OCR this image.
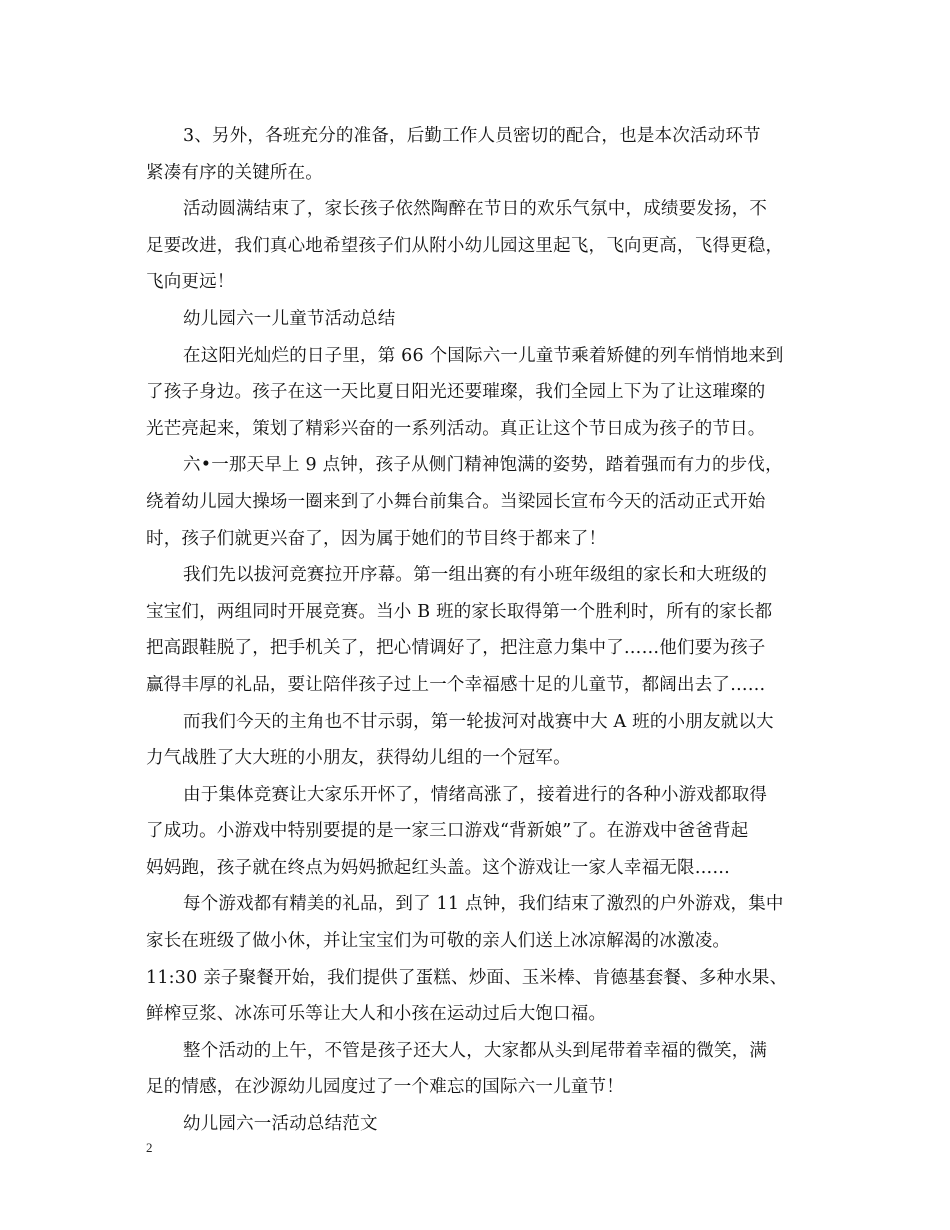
3、另外，各班充分的准备，后勤工作人员密切的配合，也是本次活动环节
紧凑有序的关键所在。

活动圆满结束了，家长孩子依然陶醉在节日的欢乐气氛中，成绩要发扬，不
足要改进，我们真心地希望孩子们从附小幼儿园这里起飞，飞向更高，飞得更稳，
飞向更远！

幼儿园六一儿童节活动总结

在这阳光灿烂的日子里，第 66 个国际六一儿童节乘着矫健的列车悄悄地来到
了孩子身边。孩子在这一天比夏日阳光还要璀璨，我们全园上下为了让这璀璨的
光芒亮起来，策划了精彩兴奋的一系列活动。真正让这个节日成为孩子的节日。

六•一那天早上 9 点钟，孩子从侧门精神饱满的姿势，踏着强而有力的步伐，
绕着幼儿园大操场一圈来到了小舞台前集合。当梁园长宣布今天的活动正式开始
时，孩子们就更兴奋了，因为属于她们的节目终于都来了！

我们先以拔河竞赛拉开序幕。第一组出赛的有小班年级组的家长和大班级的
宝宝们，两组同时开展竞赛。当小 B 班的家长取得第一个胜利时，所有的家长都
把高跟鞋脱了，把手机关了，把心情调好了，把注意力集中了……他们要为孩子
赢得丰厚的礼品，要让陪伴孩子过上一个幸福感十足的儿童节，都阔出去了……

而我们今天的主角也不甘示弱，第一轮拔河对战赛中大 A 班的小朋友就以大
力气战胜了大大班的小朋友，获得幼儿组的一个冠军。

由于集体竞赛让大家乐开怀了，情绪高涨了，接着进行的各种小游戏都取得
了成功。小游戏中特别要提的是一家三口游戏“背新娘”了。在游戏中爸爸背起
妈妈跑，孩子就在终点为妈妈掀起红头盖。这个游戏让一家人幸福无限……

每个游戏都有精美的礼品，到了 11 点钟，我们结束了激烈的户外游戏，集中
家长在班级了做小休，并让宝宝们为可敬的亲人们送上冰凉解渴的冰激凌。

11:30 亲子聚餐开始，我们提供了蛋糕、炒面、玉米棒、肯德基套餐、多种水果、
鲜榨豆浆、冰冻可乐等让大人和小孩在运动过后大饱口福。

整个活动的上午，不管是孩子还大人，大家都从头到尾带着幸福的微笑，满
足的情感，在沙源幼儿园度过了一个难忘的国际六一儿童节！

幼儿园六一活动总结范文

2
